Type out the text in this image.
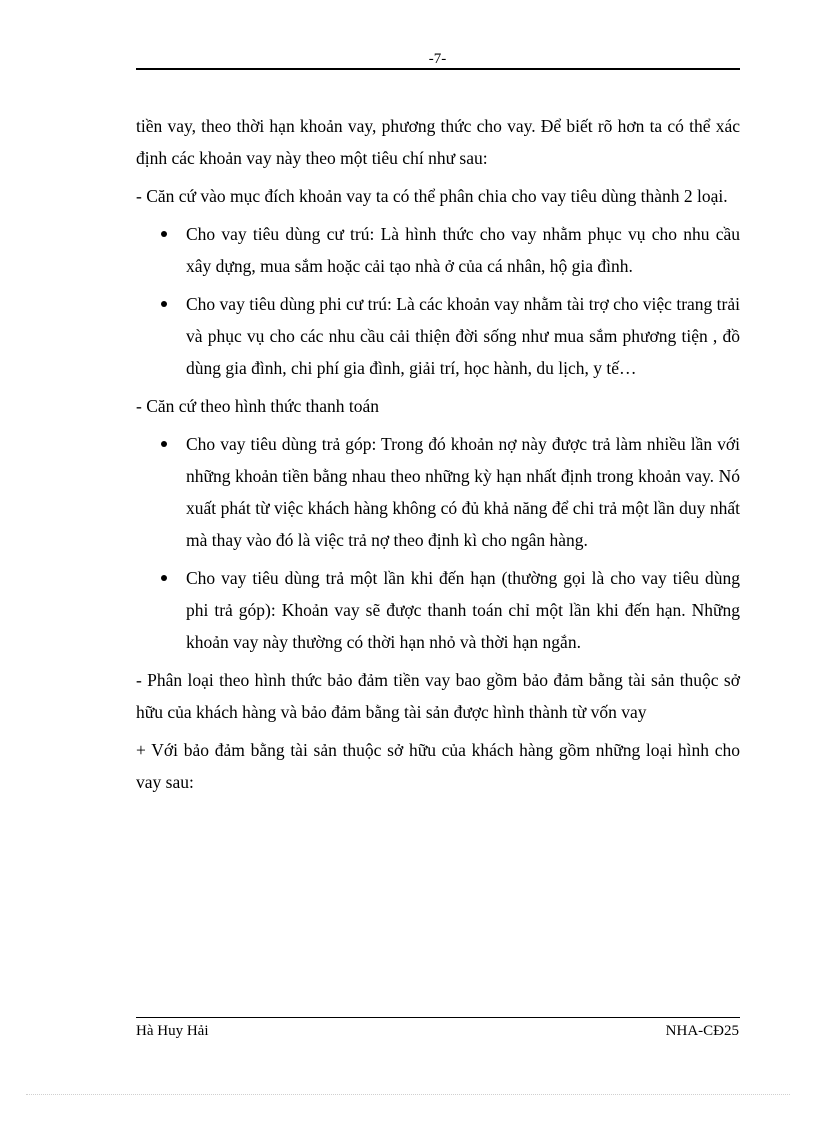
-7-

tiền vay, theo thời hạn khoản vay, phương thức cho vay. Để biết rõ hơn ta có thể xác định các khoản vay này theo một tiêu chí như sau:

- Căn cứ vào mục đích khoản vay ta có thể phân chia cho vay tiêu dùng thành 2 loại.

Cho vay tiêu dùng cư trú: Là hình thức cho vay nhằm phục vụ cho nhu cầu xây dựng, mua sắm hoặc cải tạo nhà ở của cá nhân, hộ gia đình.
Cho vay tiêu dùng phi cư trú: Là các khoản vay nhằm tài trợ cho việc trang trải và phục vụ cho các nhu cầu cải thiện đời sống như mua sắm phương tiện , đồ dùng gia đình, chi phí gia đình, giải trí, học hành, du lịch, y tế…

- Căn cứ theo hình thức thanh toán

Cho vay tiêu dùng trả góp: Trong đó khoản nợ này được trả làm nhiều lần với những khoản tiền bằng nhau theo những kỳ hạn nhất định trong khoản vay. Nó xuất phát từ việc khách hàng không có đủ khả năng để chi trả một lần duy nhất mà thay vào đó là việc trả nợ theo định kì cho ngân hàng.
Cho vay tiêu dùng trả một lần khi đến hạn (thường gọi là cho vay tiêu dùng phi trả góp): Khoản vay sẽ được thanh toán chỉ một lần khi đến hạn. Những khoản vay này thường có thời hạn nhỏ và thời hạn ngắn.

- Phân loại theo hình thức bảo đảm tiền vay bao gồm bảo đảm bằng tài sản thuộc sở hữu của khách hàng và bảo đảm bằng tài sản được hình thành từ vốn vay

+ Với bảo đảm bằng tài sản thuộc sở hữu của khách hàng gồm những loại hình cho vay sau:

Hà Huy Hải	NHA-CĐ25
